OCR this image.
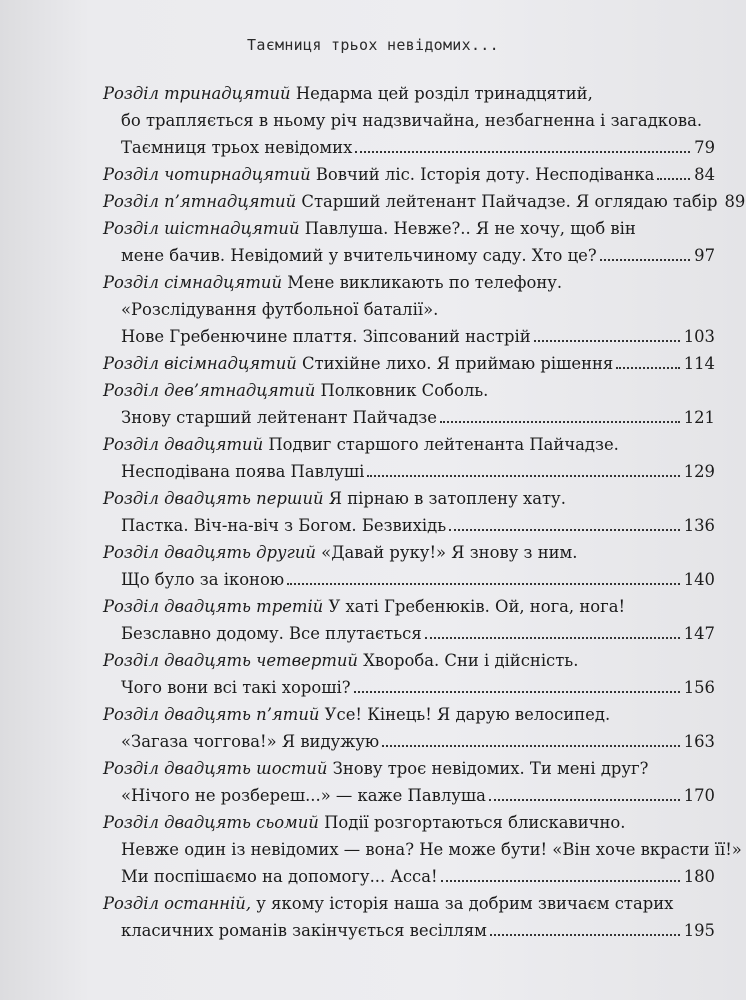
Таємниця трьох невідомих...
Розділ тринадцятий Недарма цей розділ тринадцятий,
бо трапляється в ньому річ надзвичайна, незбагненна і загадкова.
Таємниця трьох невідомих	79
Розділ чотирнадцятий Вовчий ліс. Історія доту. Несподіванка 84
Розділ п’ятнадцятий Старший лейтенант Пайчадзе. Я оглядаю табір 89
Розділ шістнадцятий Павлуша. Невже?.. Я не хочу, щоб він
мене бачив. Невідомий у вчительчиному саду. Хто це?	97
Розділ сімнадцятий Мене викликають по телефону.
«Розслідування футбольної баталії».
Нове Гребенючине плаття. Зіпсований настрій	103
Розділ вісімнадцятий Стихійне лихо. Я приймаю рішення	114
Розділ дев’ятнадцятий Полковник Соболь.
Знову старший лейтенант Пайчадзе	121
Розділ двадцятий Подвиг старшого лейтенанта Пайчадзе.
Несподівана поява Павлуші	129
Розділ двадцять перший Я пірнаю в затоплену хату.
Пастка. Віч-на-віч з Богом. Безвихідь	136
Розділ двадцять другий «Давай руку!» Я знову з ним.
Що було за іконою	140
Розділ двадцять третій У хаті Гребенюків. Ой, нога, нога!
Безславно додому. Все плутається	147
Розділ двадцять четвертий Хвороба. Сни і дійсність.
Чого вони всі такі хороші?	156
Розділ двадцять п’ятий Усе! Кінець! Я дарую велосипед.
«Загаза чоггова!» Я видужую	163
Розділ двадцять шостий Знову троє невідомих. Ти мені друг?
«Нічого не розбереш...» — каже Павлуша	170
Розділ двадцять сьомий Події розгортаються блискавично.
Невже один із невідомих — вона? Не може бути! «Він хоче вкрасти її!»
Ми поспішаємо на допомогу... Асса!	180
Розділ останній, у якому історія наша за добрим звичаєм старих
класичних романів закінчується весіллям	195
